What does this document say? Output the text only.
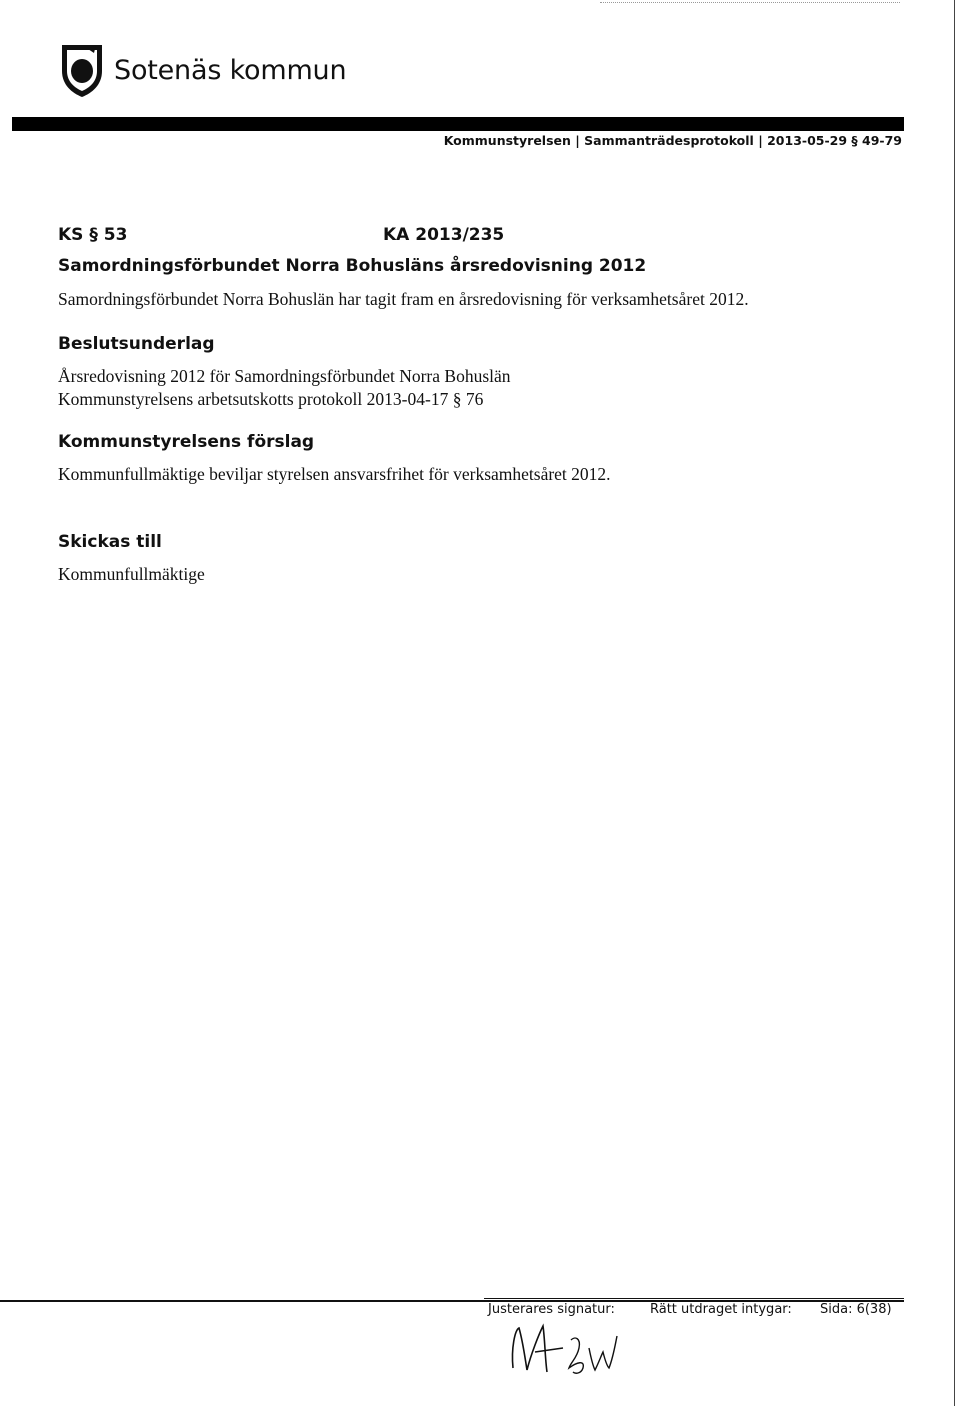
Sotenäs kommun
Kommunstyrelsen | Sammanträdesprotokoll | 2013-05-29 § 49-79
KS § 53	KA 2013/235
Samordningsförbundet Norra Bohusläns årsredovisning 2012
Samordningsförbundet Norra Bohuslän har tagit fram en årsredovisning för verksamhetsåret 2012.
Beslutsunderlag
Årsredovisning 2012 för Samordningsförbundet Norra Bohuslän
Kommunstyrelsens arbetsutskotts protokoll 2013-04-17 § 76
Kommunstyrelsens förslag
Kommunfullmäktige beviljar styrelsen ansvarsfrihet för verksamhetsåret 2012.
Skickas till
Kommunfullmäktige
Justerares signatur:	Rätt utdraget intygar: Sida: 6(38)
